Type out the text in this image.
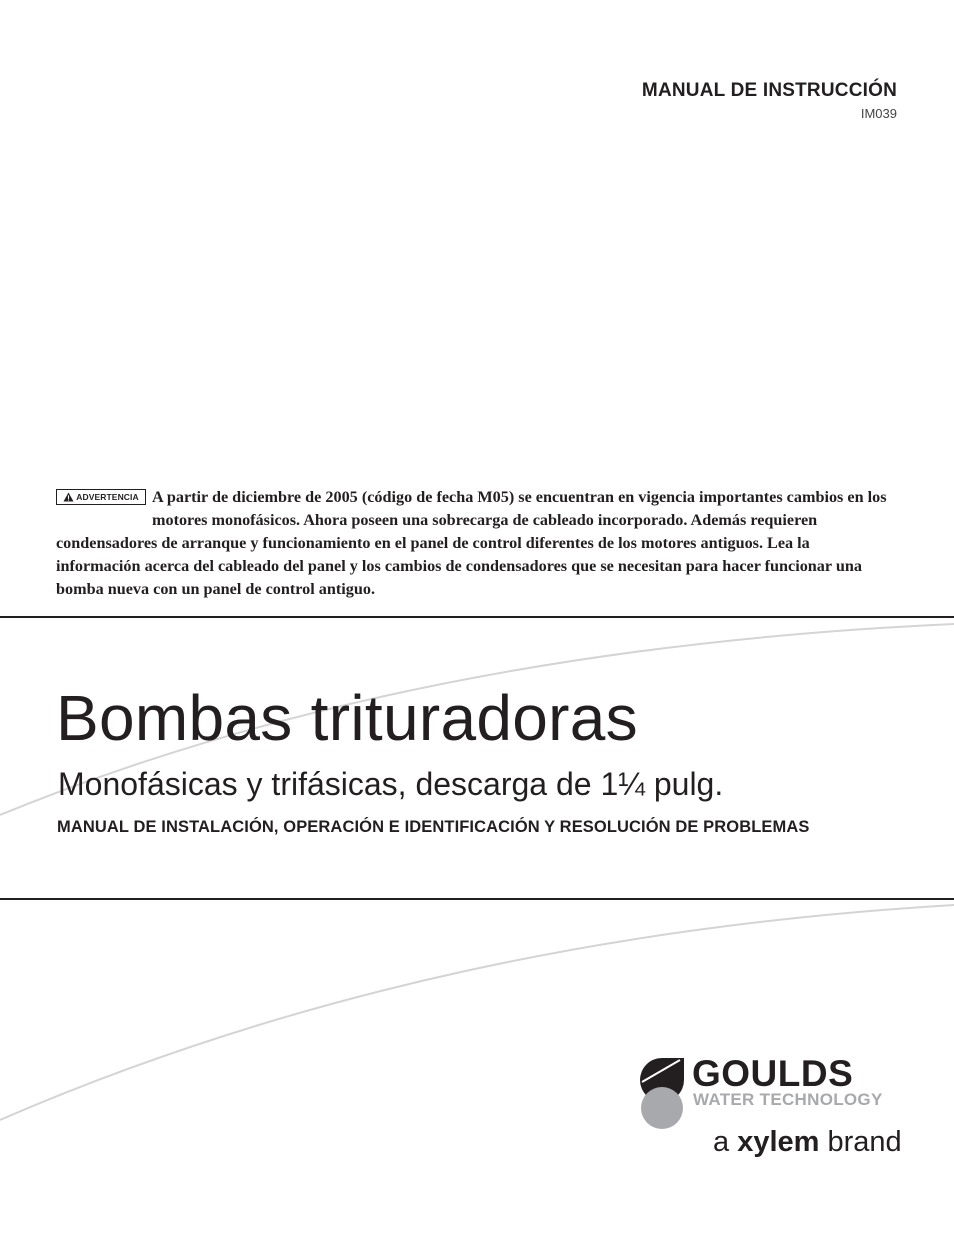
MANUAL DE INSTRUCCIÓN
IM039
ADVERTENCIA A partir de diciembre de 2005 (código de fecha M05) se encuentran en vigencia importantes cambios en los motores monofásicos. Ahora poseen una sobrecarga de cableado incorporado. Además requieren condensadores de arranque y funcionamiento en el panel de control diferentes de los motores antiguos. Lea la información acerca del cableado del panel y los cambios de condensadores que se necesitan para hacer funcionar una bomba nueva con un panel de control antiguo.
Bombas trituradoras
Monofásicas y trifásicas, descarga de 1¼ pulg.
MANUAL DE INSTALACIÓN, OPERACIÓN E IDENTIFICACIÓN Y RESOLUCIÓN DE PROBLEMAS
GOULDS
WATER TECHNOLOGY
a xylem brand
